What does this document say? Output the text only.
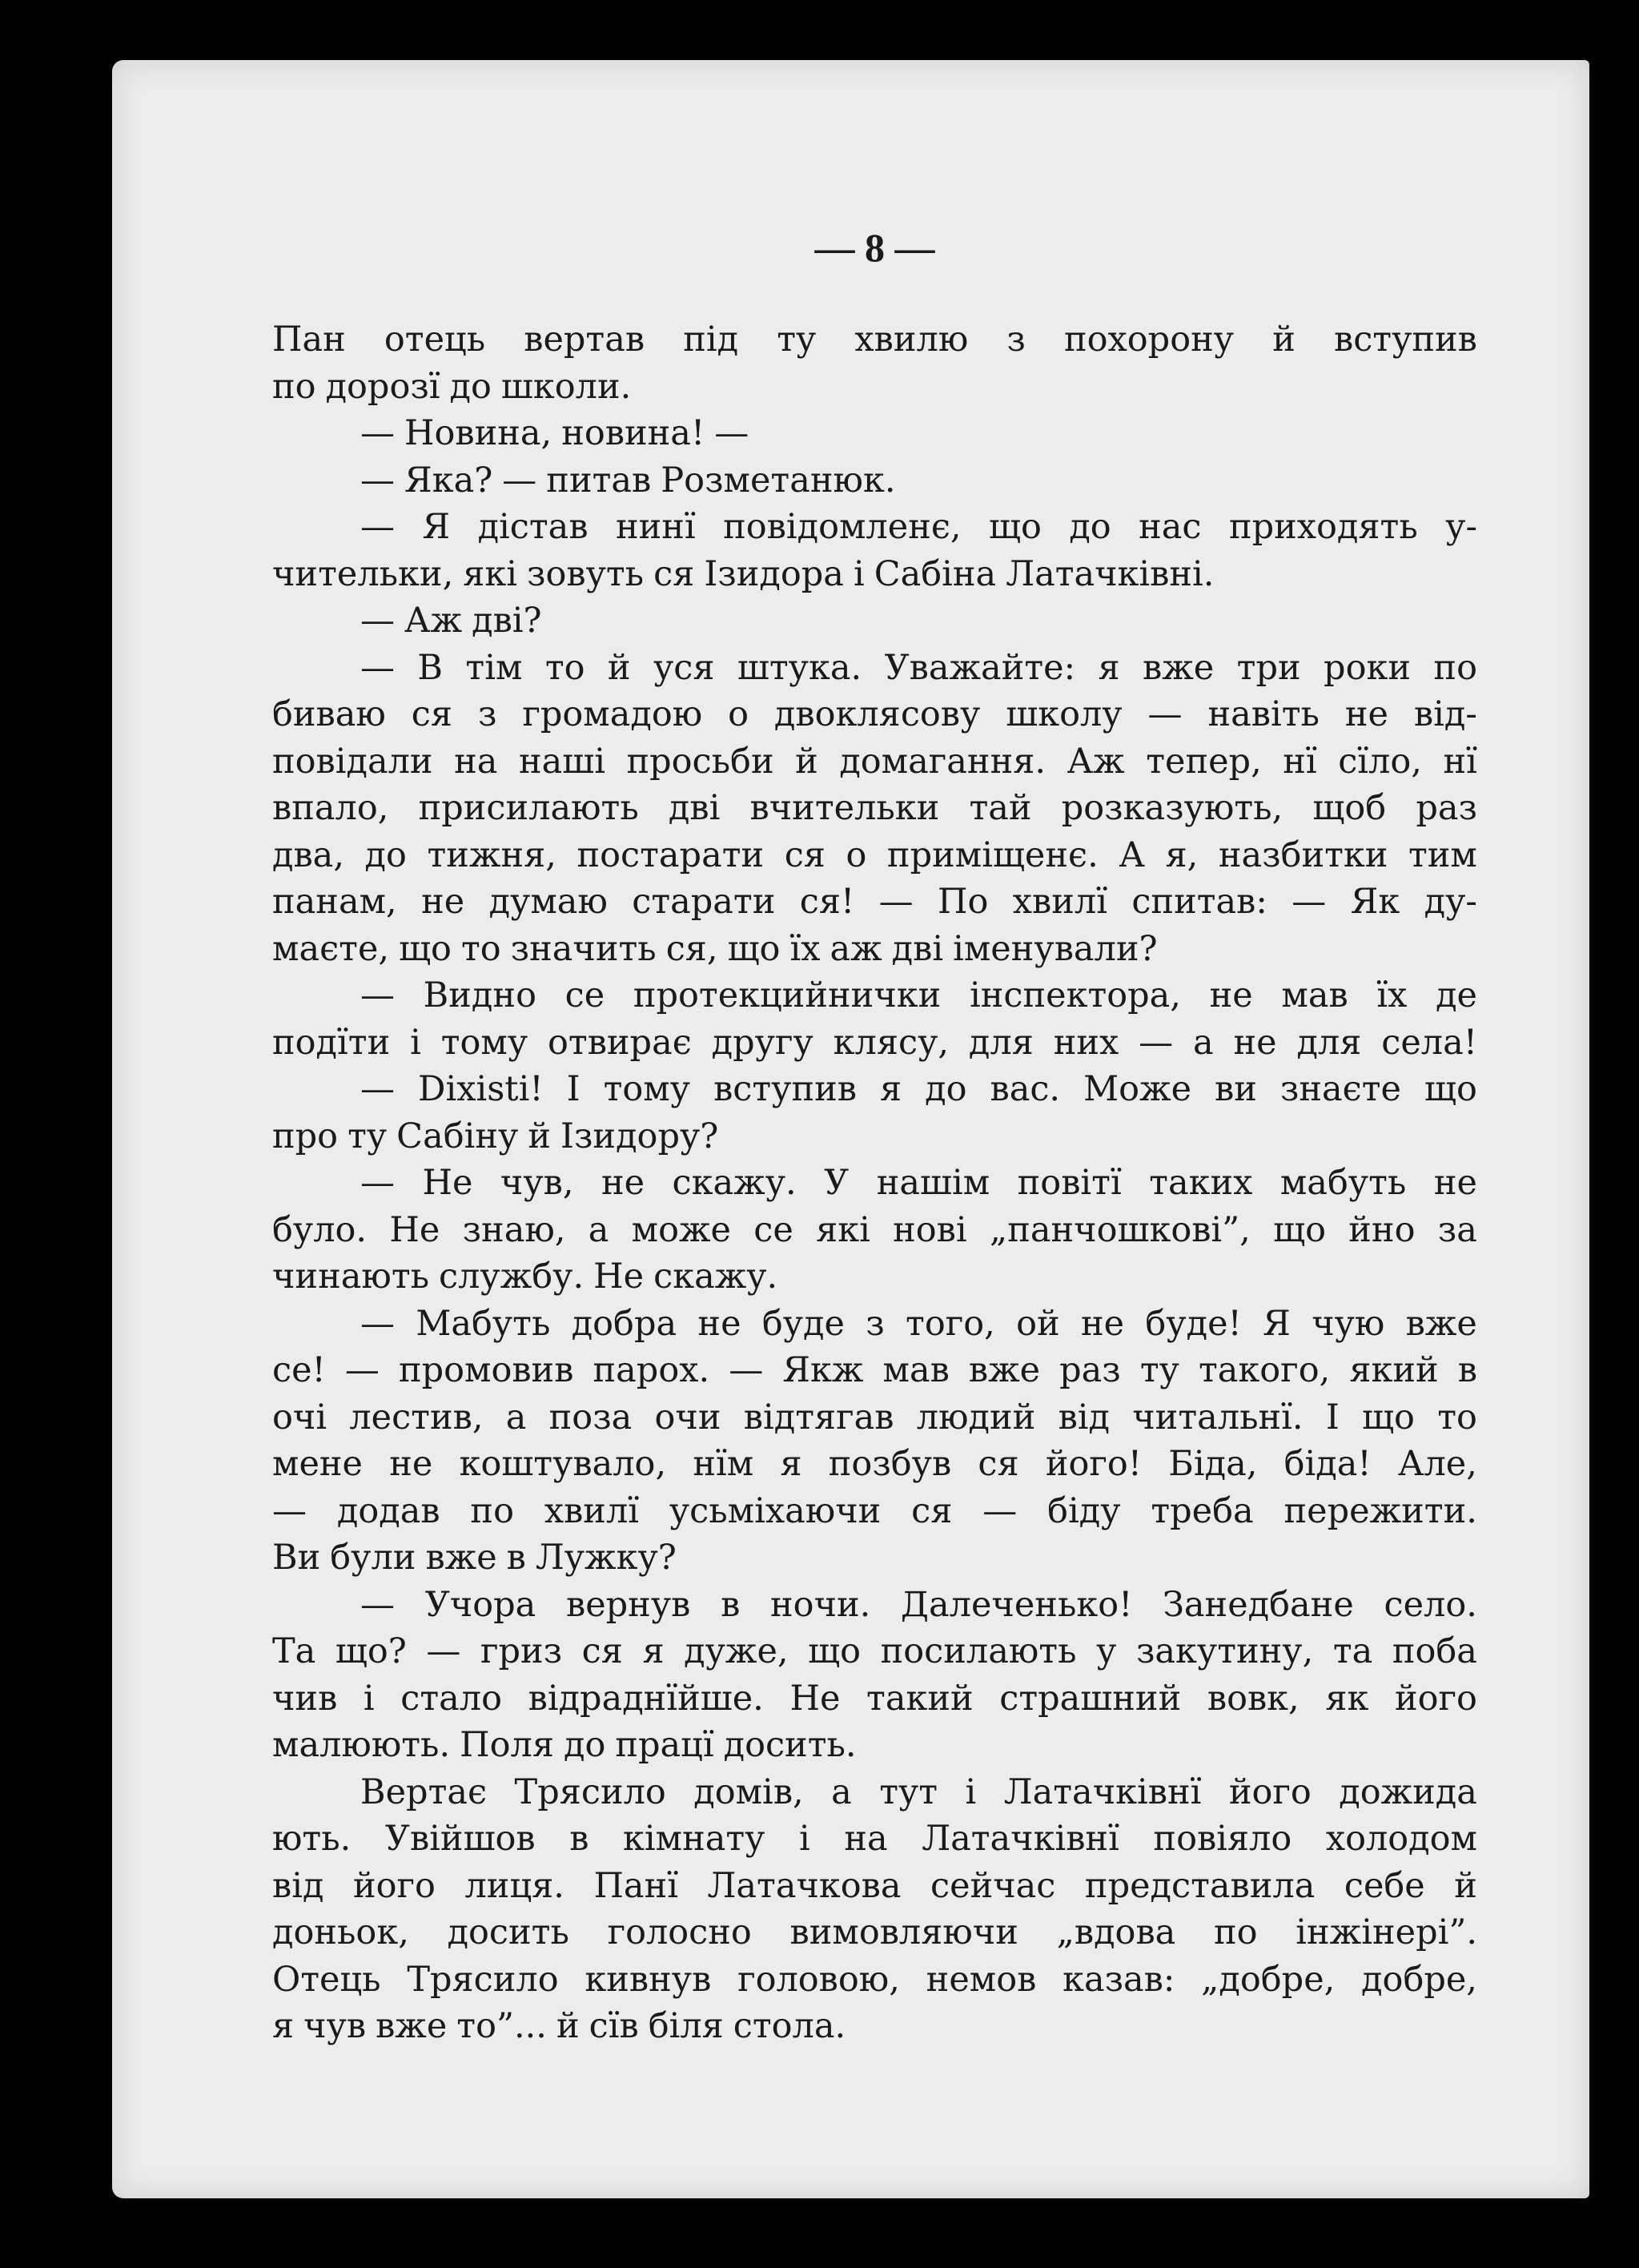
— 8 —
Пан отець вертав під ту хвилю з похорону й вступив
по дорозї до школи.
— Новина, новина! —
— Яка? — питав Розметанюк.
— Я дістав нинї повідомленє, що до нас приходять у-
чительки, які зовуть ся Ізидора і Сабіна Латачківні.
— Аж дві?
— В тім то й уся штука. Уважайте: я вже три роки по
биваю ся з громадою о двоклясову школу — навіть не від-
повідали на нашi просьби й домагання. Аж тепер, нї сїло, нї
впало, присилають дві вчительки тай розказують, щоб раз
два, до тижня, постарати ся о приміщенє. А я, назбитки тим
панам, не думаю старати ся! — По хвилї спитав: — Як ду-
маєте, що то значить ся, що їх аж дві іменували?
— Видно се протекцийнички інспектора, не мав їх де
подїти і тому отвирає другу клясу, для них — а не для села!
— Dixisti! І тому вступив я до вас. Може ви знаєте що
про ту Сабіну й Ізидору?
— Не чув, не скажу. У нашім повітї таких мабуть не
було. Не знаю, а може се які нові „панчошкові”, що йно за
чинають службу. Не скажу.
— Мабуть добра не буде з того, ой не буде! Я чую вже
се! — промовив парох. — Якж мав вже раз ту такого, який в
очі лестив, а поза очи відтягав людий від читальнї. І що то
мене не коштувало, нїм я позбув ся його! Біда, біда! Але,
— додав по хвилї усьміхаючи ся — біду треба пережити.
Ви були вже в Лужку?
— Учора вернув в ночи. Далеченько! Занедбане село.
Та що? — гриз ся я дуже, що посилають у закутину, та поба
чив і стало відраднїйше. Не такий страшний вовк, як його
малюють. Поля до працї досить.
Вертає Трясило домів, а тут і Латачківнї його дожида
ють. Увійшов в кімнату і на Латачківнї повіяло холодом
від його лиця. Панї Латачкова сейчас представила себе й
доньок, досить голосно вимовляючи „вдова по інжінері”.
Отець Трясило кивнув головою, немов казав: „добре, добре,
я чув вже то”... й сїв біля стола.
